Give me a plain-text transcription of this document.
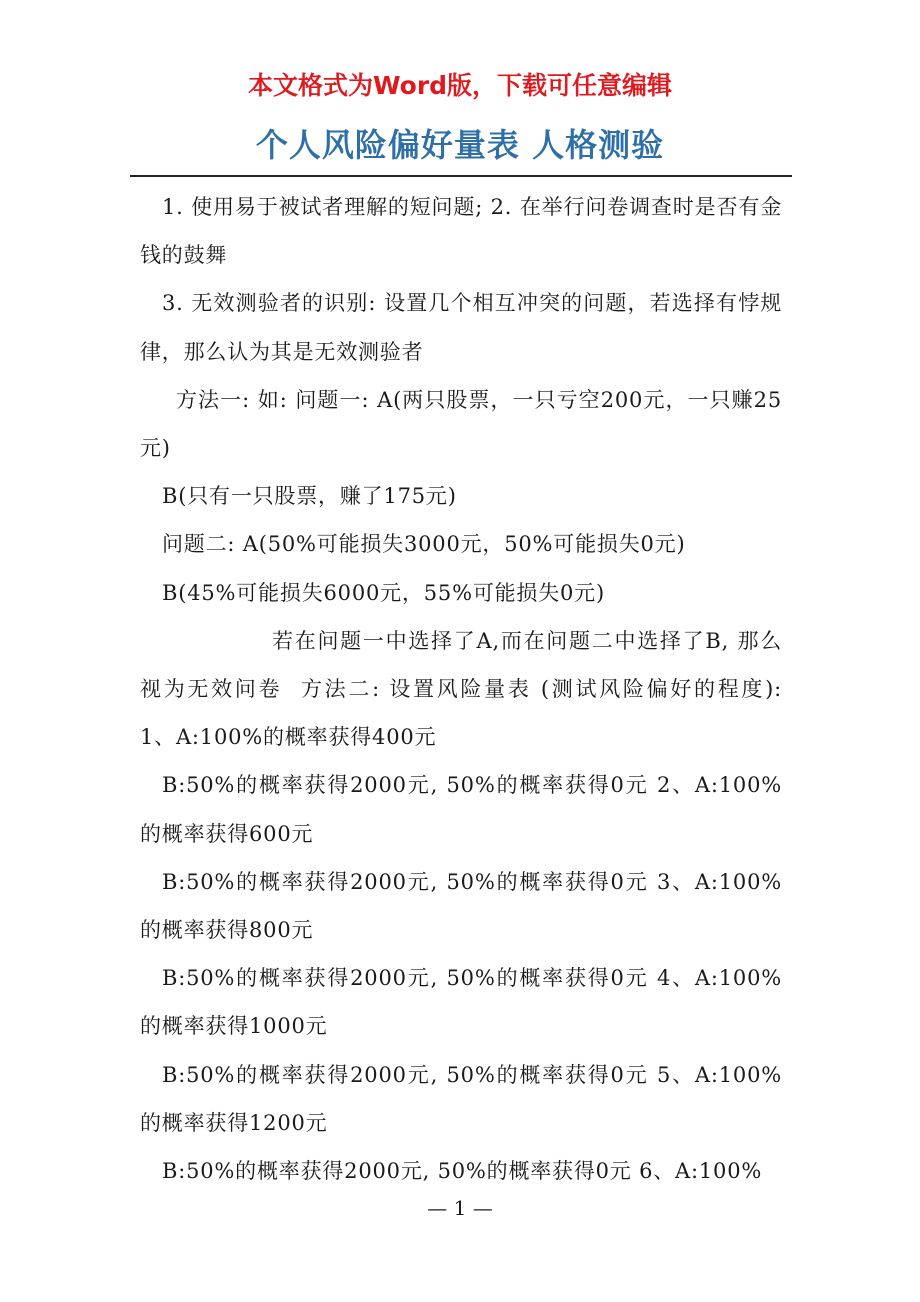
本文格式为Word版，下载可任意编辑
个人风险偏好量表 人格测验

1. 使用易于被试者理解的短问题; 2. 在举行问卷调查时是否有金钱的鼓舞

3. 无效测验者的识别: 设置几个相互冲突的问题，若选择有悖规律，那么认为其是无效测验者

方法一: 如: 问题一: A(两只股票，一只亏空200元，一只赚25元)

B(只有一只股票，赚了175元)

问题二: A(50%可能损失3000元，50%可能损失0元)

B(45%可能损失6000元，55%可能损失0元)

若在问题一中选择了A,而在问题二中选择了B, 那么视为无效问卷  方法二: 设置风险量表 (测试风险偏好的程度):                1、A:100%的概率获得400元

B:50%的概率获得2000元, 50%的概率获得0元 2、A:100%的概率获得600元

B:50%的概率获得2000元, 50%的概率获得0元 3、A:100%的概率获得800元

B:50%的概率获得2000元, 50%的概率获得0元 4、A:100%的概率获得1000元

B:50%的概率获得2000元, 50%的概率获得0元 5、A:100%的概率获得1200元

B:50%的概率获得2000元, 50%的概率获得0元 6、A:100%

— 1 —
